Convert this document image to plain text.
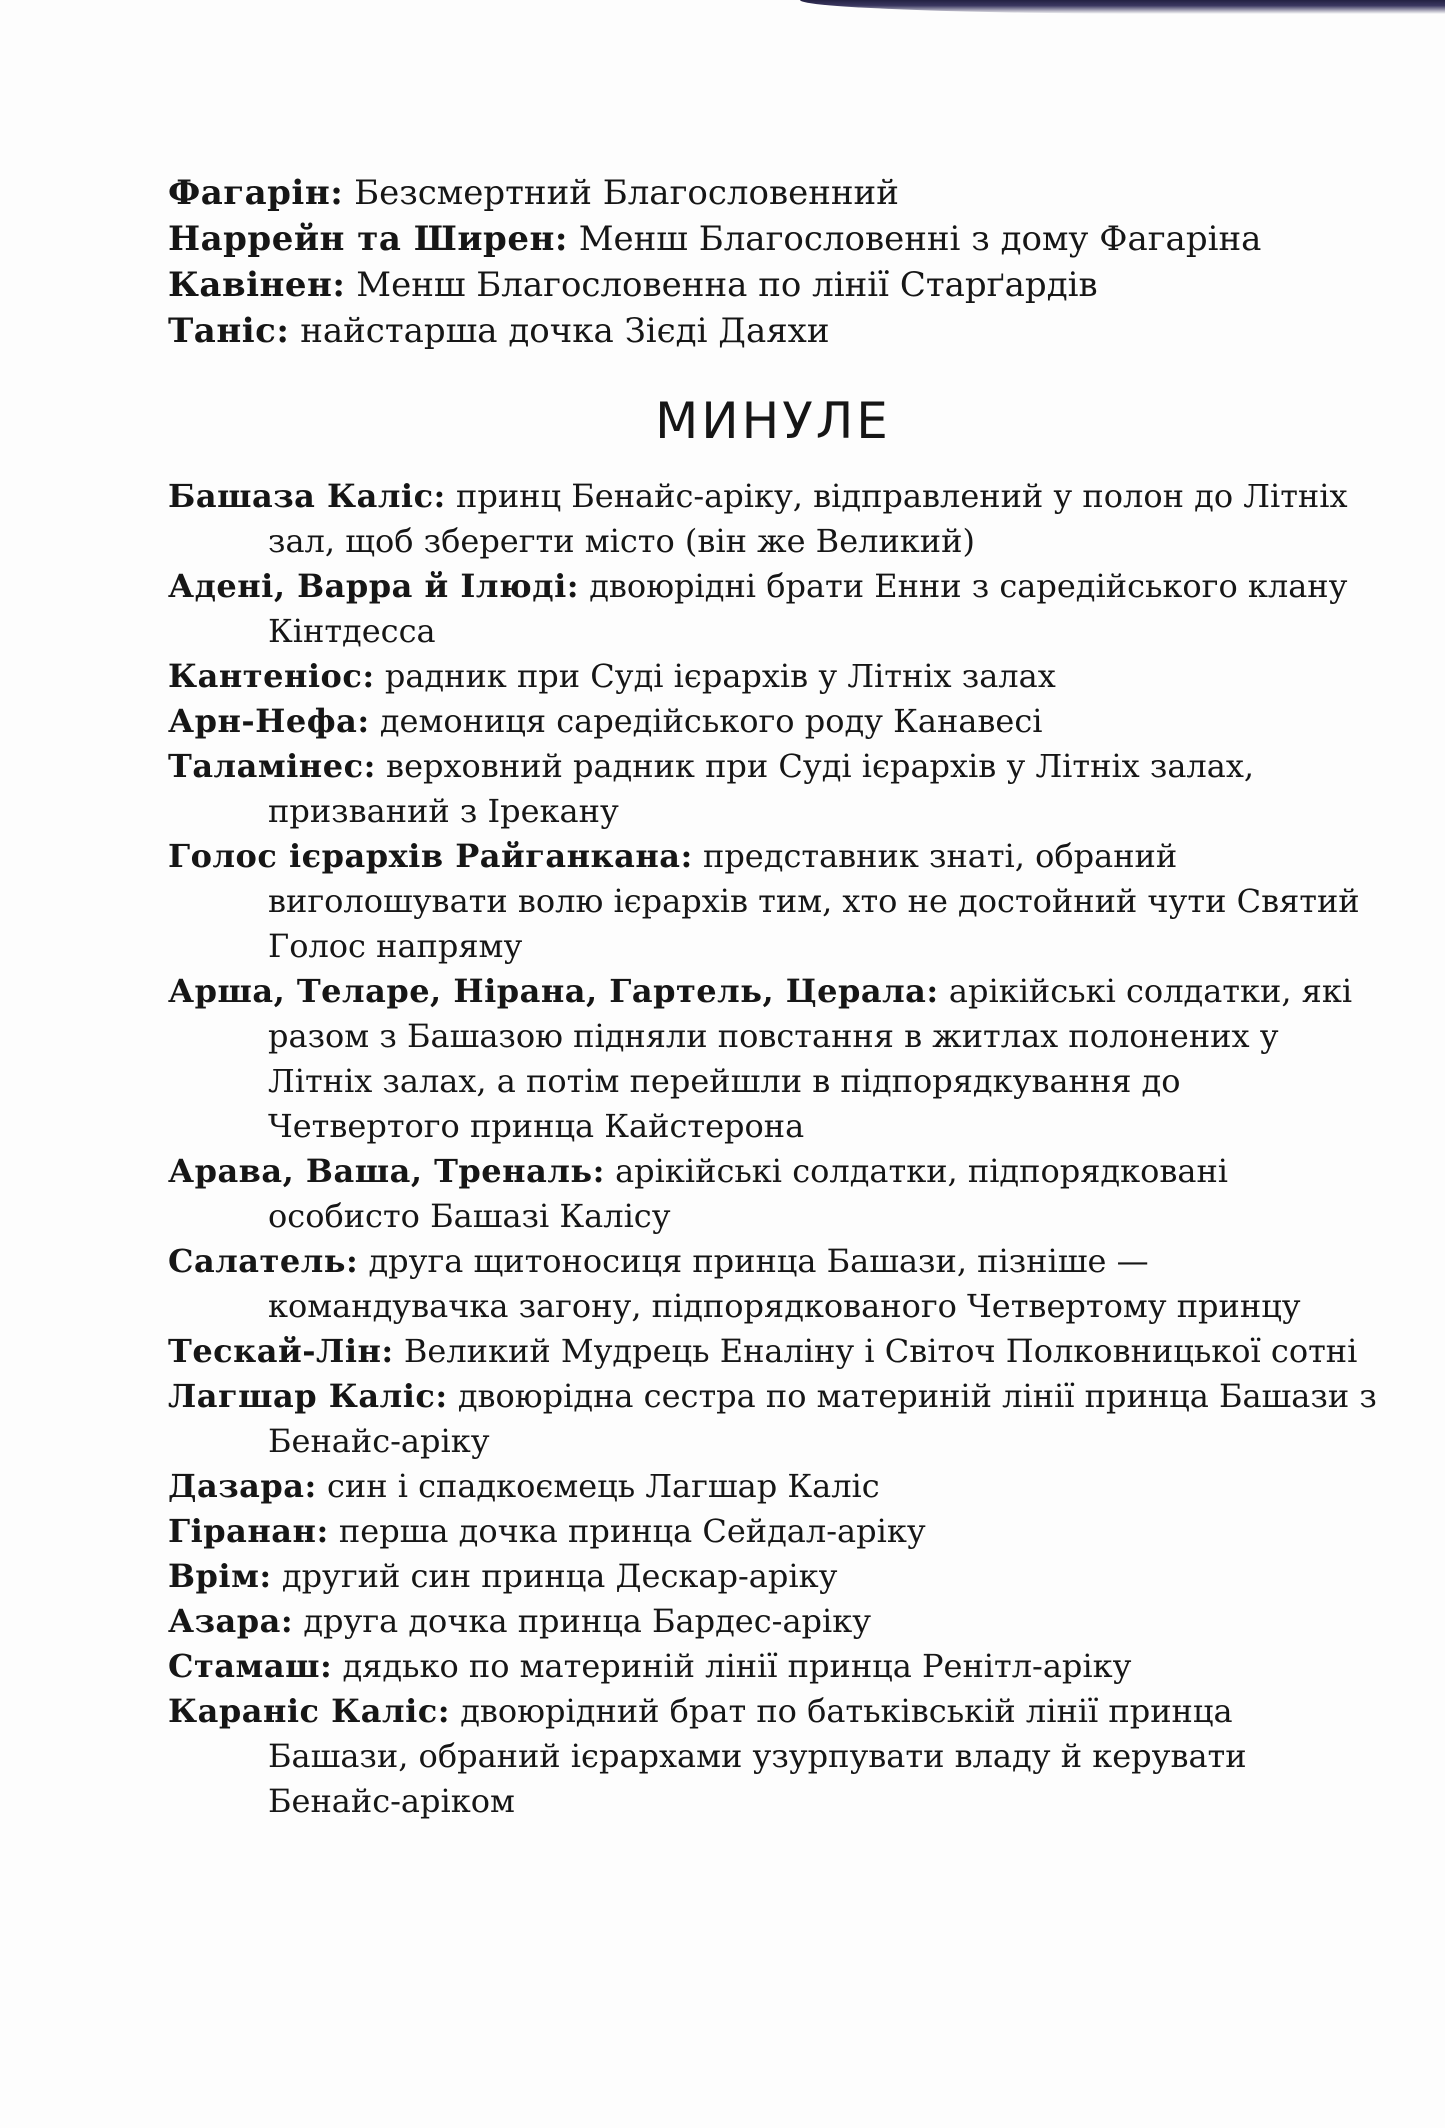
Фагарін: Безсмертний Благословенний

Наррейн та Ширен: Менш Благословенні з дому Фагаріна

Кавінен: Менш Благословенна по лінії Старґардів

Таніс: найстарша дочка Зієді Даяхи

МИНУЛЕ

Башаза Каліс: принц Бенайс-аріку, відправлений у полон до Літніх зал, щоб зберегти місто (він же Великий)

Адені, Варра й Ілюді: двоюрідні брати Енни з саредійського клану Кінтдесса

Кантеніос: радник при Суді ієрархів у Літніх залах

Арн-Нефа: демониця саредійського роду Канавесі

Таламінес: верховний радник при Суді ієрархів у Літніх залах, призваний з Ірекану

Голос ієрархів Райганкана: представник знаті, обраний виголошувати волю ієрархів тим, хто не достойний чути Святий Голос напряму

Арша, Теларе, Нірана, Гартель, Церала: арікійські солдатки, які разом з Башазою підняли повстання в житлах полонених у Літніх залах, а потім перейшли в підпорядкування до Четвертого принца Кайстерона

Арава, Ваша, Треналь: арікійські солдатки, підпорядковані особисто Башазі Калісу

Салатель: друга щитоносиця принца Башази, пізніше — командувачка загону, підпорядкованого Четвертому принцу

Тескай-Лін: Великий Мудрець Еналіну і Світоч Полковницької сотні

Лагшар Каліс: двоюрідна сестра по материній лінії принца Башази з Бенайс-аріку

Дазара: син і спадкоємець Лагшар Каліс

Гіранан: перша дочка принца Сейдал-аріку

Врім: другий син принца Дескар-аріку

Азара: друга дочка принца Бардес-аріку

Стамаш: дядько по материній лінії принца Ренітл-аріку

Караніс Каліс: двоюрідний брат по батьківській лінії принца Башази, обраний ієрархами узурпувати владу й керувати Бенайс-аріком
